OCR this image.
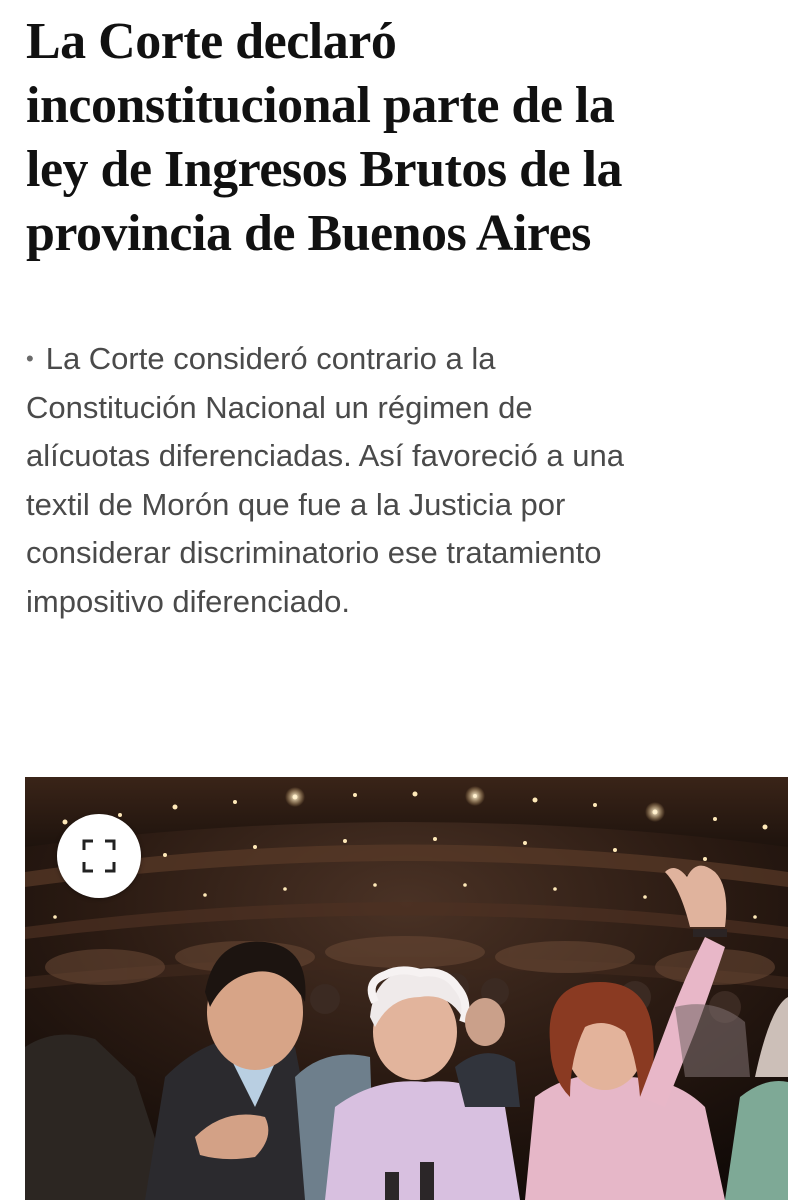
La Corte declaró
inconstitucional parte de la
ley de Ingresos Brutos de la
provincia de Buenos Aires

• La Corte consideró contrario a la
Constitución Nacional un régimen de
alícuotas diferenciadas. Así favoreció a una
textil de Morón que fue a la Justicia por
considerar discriminatorio ese tratamiento
impositivo diferenciado.
